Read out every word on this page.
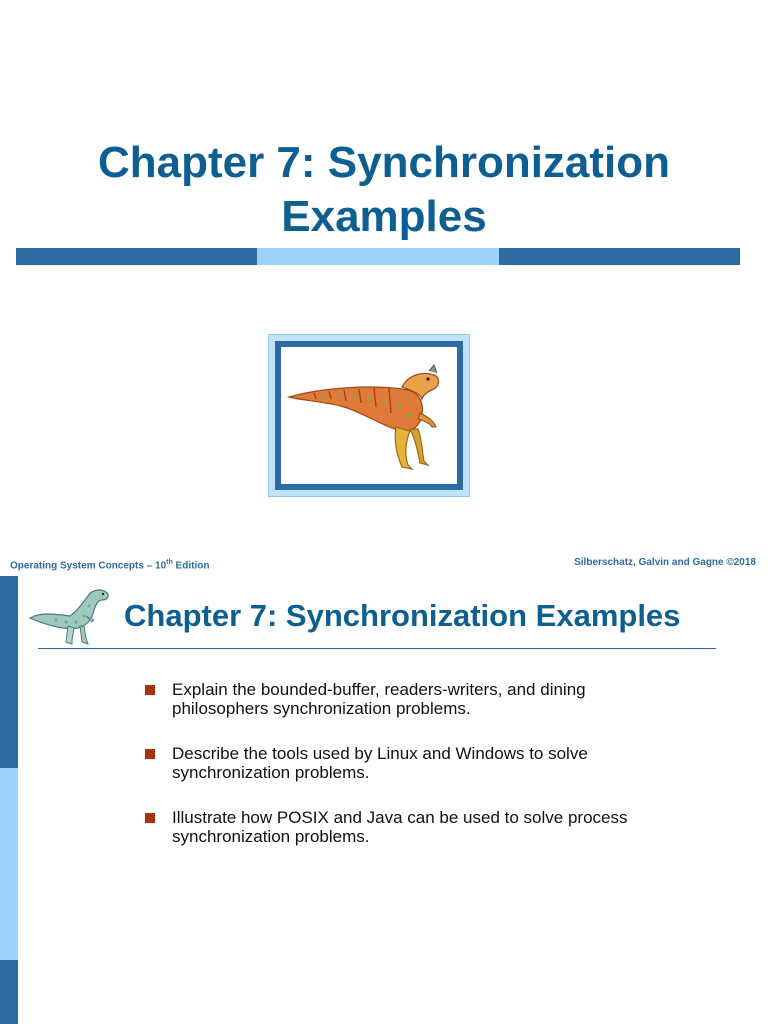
Chapter 7: Synchronization
Examples
Operating System Concepts – 10th Edition	Silberschatz, Galvin and Gagne ©2018
Chapter 7: Synchronization Examples
Explain the bounded-buffer, readers-writers, and dining philosophers synchronization problems.
Describe the tools used by Linux and Windows to solve synchronization problems.
Illustrate how POSIX and Java can be used to solve process synchronization problems.
